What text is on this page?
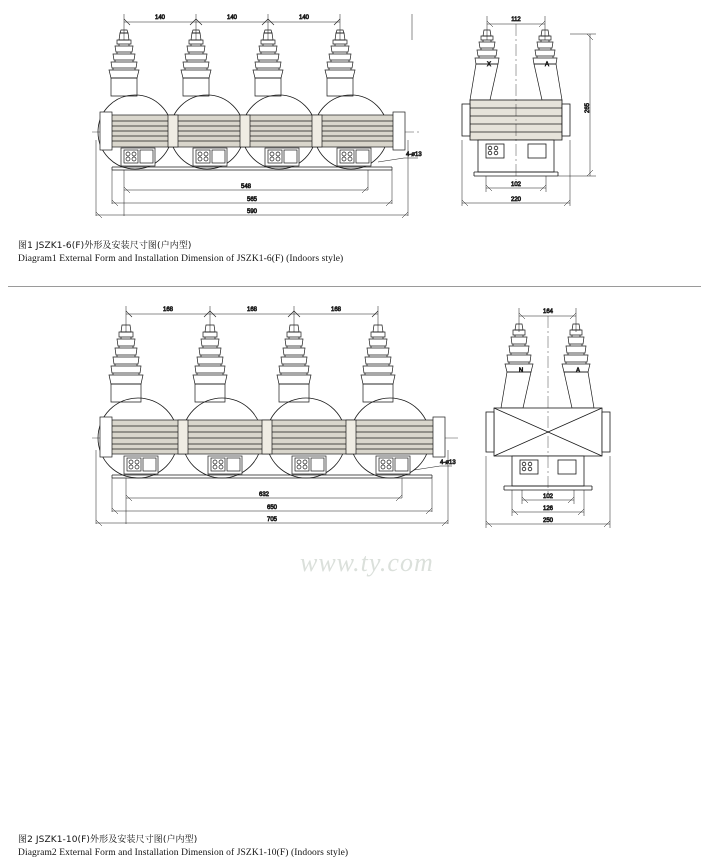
140	140	140
4-ø13
548
565
590
112
X	A
265
102
220
图1 JSZK1-6(F)外形及安装尺寸图(户内型)
Diagram1 External Form and Installation Dimension of JSZK1-6(F) (Indoors style)
168	168	168
4-ø13
632
650
705
164
N	A
102
126
250
图2 JSZK1-10(F)外形及安装尺寸图(户内型)
Diagram2 External Form and Installation Dimension of JSZK1-10(F) (Indoors style)
www.ty.com
